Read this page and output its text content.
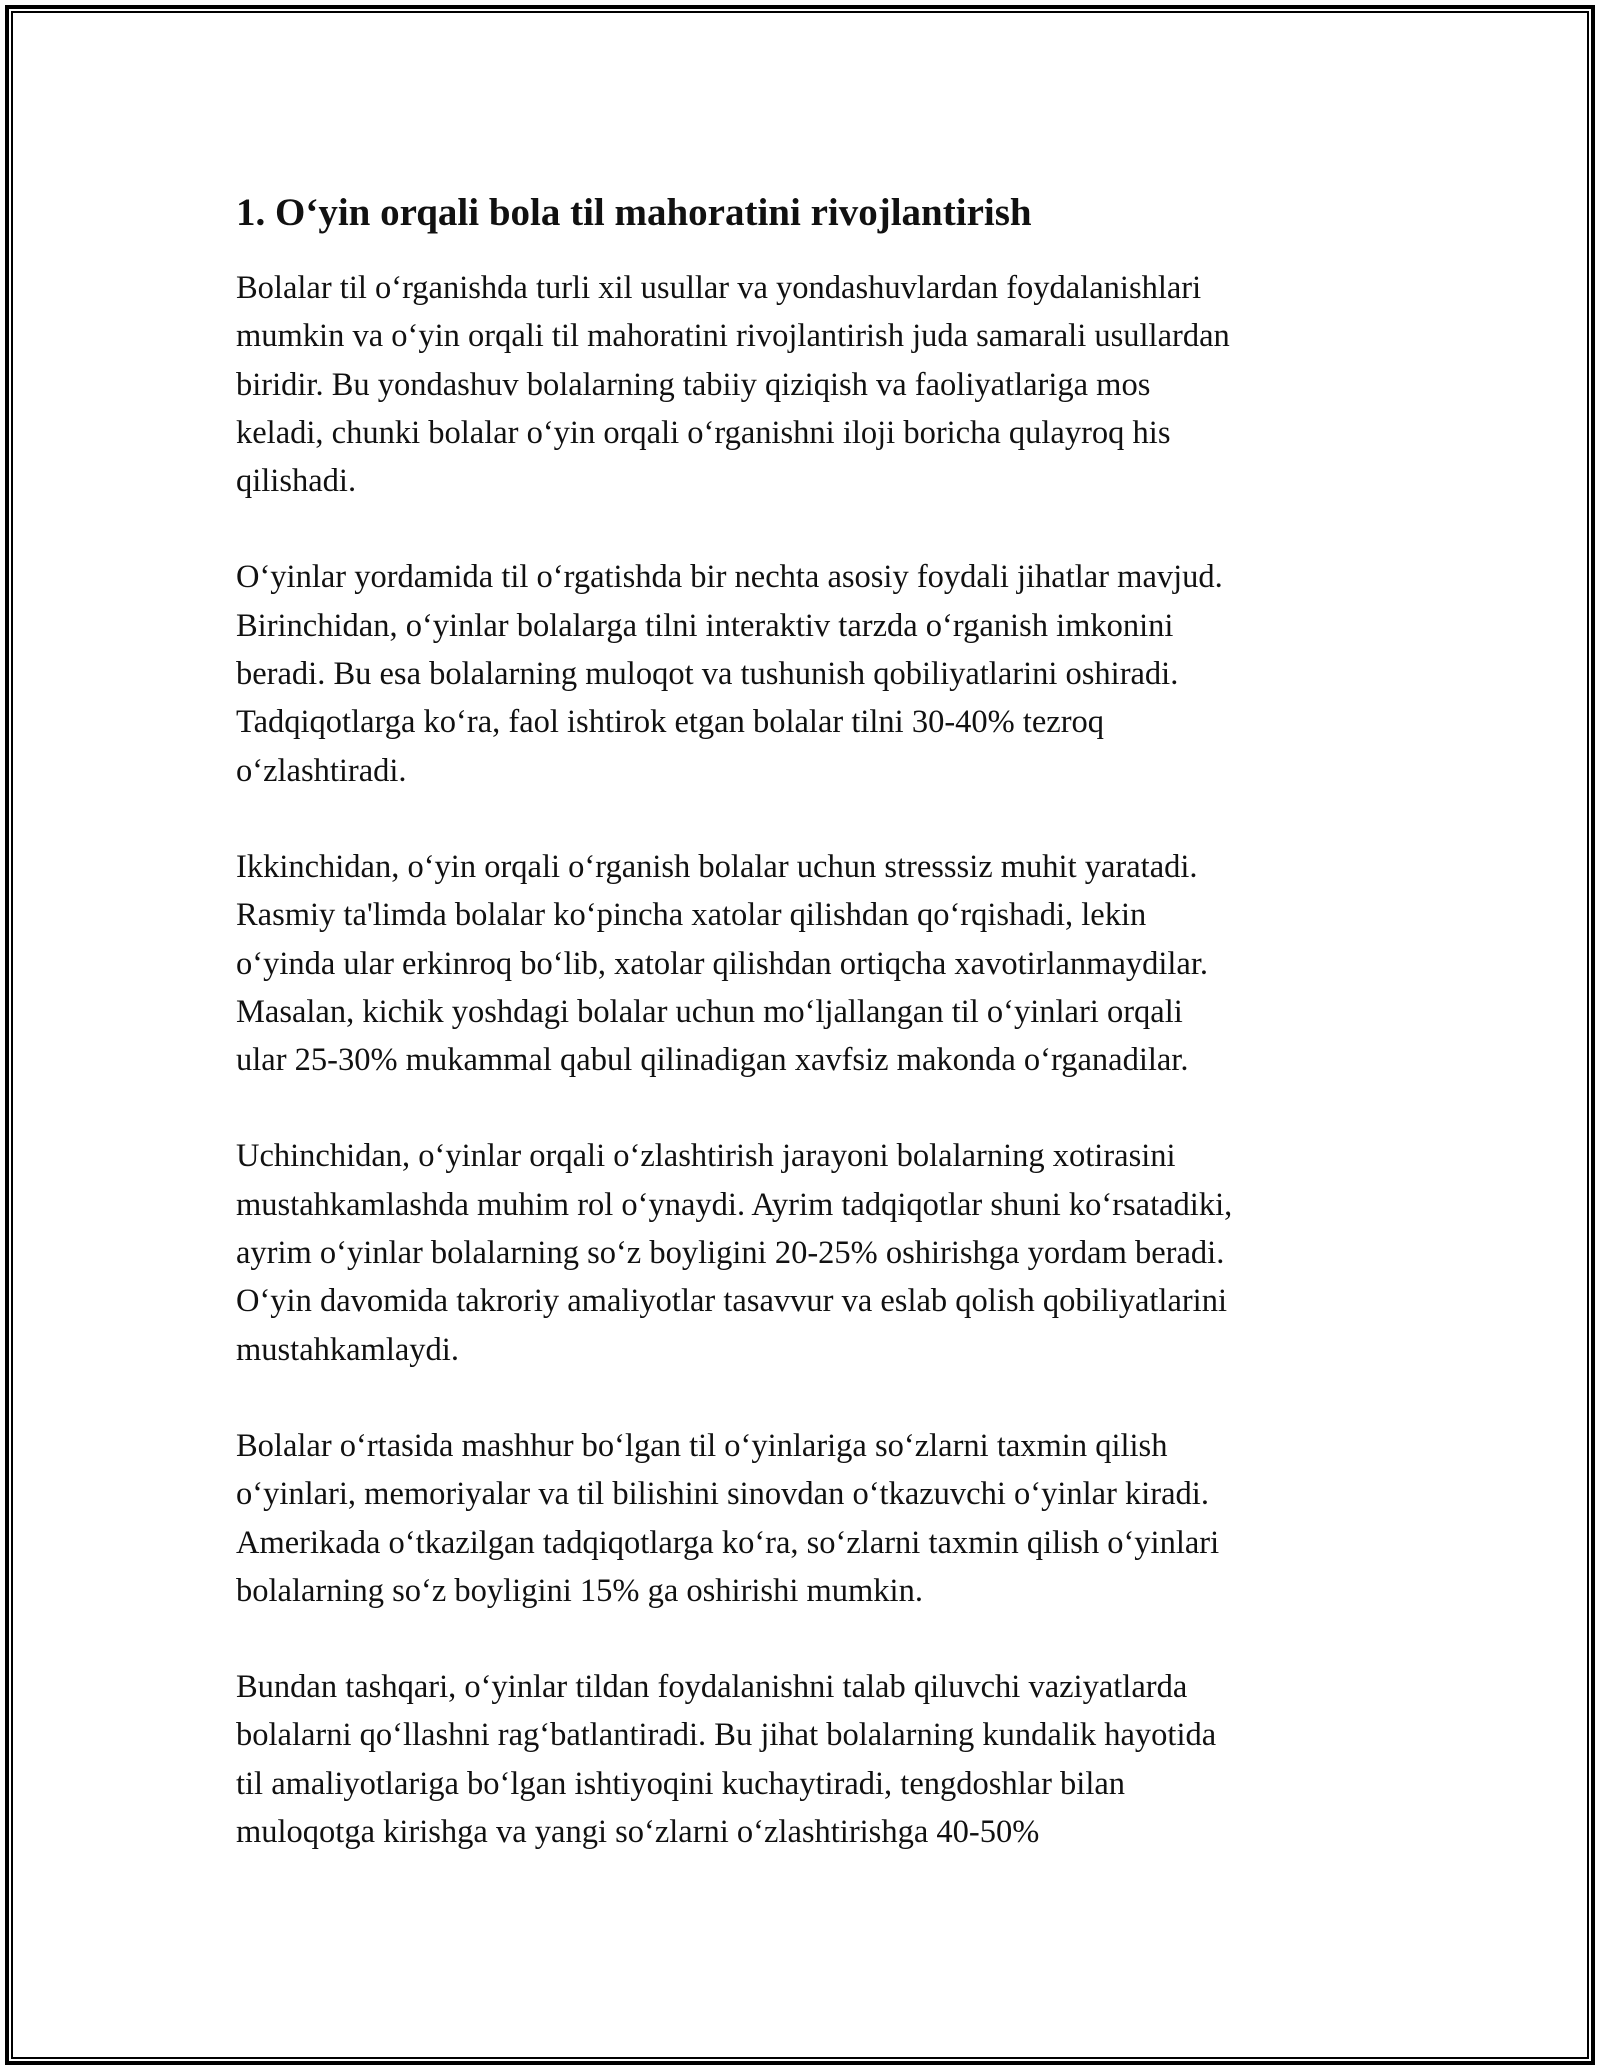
1. O‘yin orqali bola til mahoratini rivojlantirish

Bolalar til o‘rganishda turli xil usullar va yondashuvlardan foydalanishlari
mumkin va o‘yin orqali til mahoratini rivojlantirish juda samarali usullardan
biridir. Bu yondashuv bolalarning tabiiy qiziqish va faoliyatlariga mos
keladi, chunki bolalar o‘yin orqali o‘rganishni iloji boricha qulayroq his
qilishadi.

O‘yinlar yordamida til o‘rgatishda bir nechta asosiy foydali jihatlar mavjud.
Birinchidan, o‘yinlar bolalarga tilni interaktiv tarzda o‘rganish imkonini
beradi. Bu esa bolalarning muloqot va tushunish qobiliyatlarini oshiradi.
Tadqiqotlarga ko‘ra, faol ishtirok etgan bolalar tilni 30-40% tezroq
o‘zlashtiradi.

Ikkinchidan, o‘yin orqali o‘rganish bolalar uchun stresssiz muhit yaratadi.
Rasmiy ta'limda bolalar ko‘pincha xatolar qilishdan qo‘rqishadi, lekin
o‘yinda ular erkinroq bo‘lib, xatolar qilishdan ortiqcha xavotirlanmaydilar.
Masalan, kichik yoshdagi bolalar uchun mo‘ljallangan til o‘yinlari orqali
ular 25-30% mukammal qabul qilinadigan xavfsiz makonda o‘rganadilar.

Uchinchidan, o‘yinlar orqali o‘zlashtirish jarayoni bolalarning xotirasini
mustahkamlashda muhim rol o‘ynaydi. Ayrim tadqiqotlar shuni ko‘rsatadiki,
ayrim o‘yinlar bolalarning so‘z boyligini 20-25% oshirishga yordam beradi.
O‘yin davomida takroriy amaliyotlar tasavvur va eslab qolish qobiliyatlarini
mustahkamlaydi.

Bolalar o‘rtasida mashhur bo‘lgan til o‘yinlariga so‘zlarni taxmin qilish
o‘yinlari, memoriyalar va til bilishini sinovdan o‘tkazuvchi o‘yinlar kiradi.
Amerikada o‘tkazilgan tadqiqotlarga ko‘ra, so‘zlarni taxmin qilish o‘yinlari
bolalarning so‘z boyligini 15% ga oshirishi mumkin.

Bundan tashqari, o‘yinlar tildan foydalanishni talab qiluvchi vaziyatlarda
bolalarni qo‘llashni rag‘batlantiradi. Bu jihat bolalarning kundalik hayotida
til amaliyotlariga bo‘lgan ishtiyoqini kuchaytiradi, tengdoshlar bilan
muloqotga kirishga va yangi so‘zlarni o‘zlashtirishga 40-50%
